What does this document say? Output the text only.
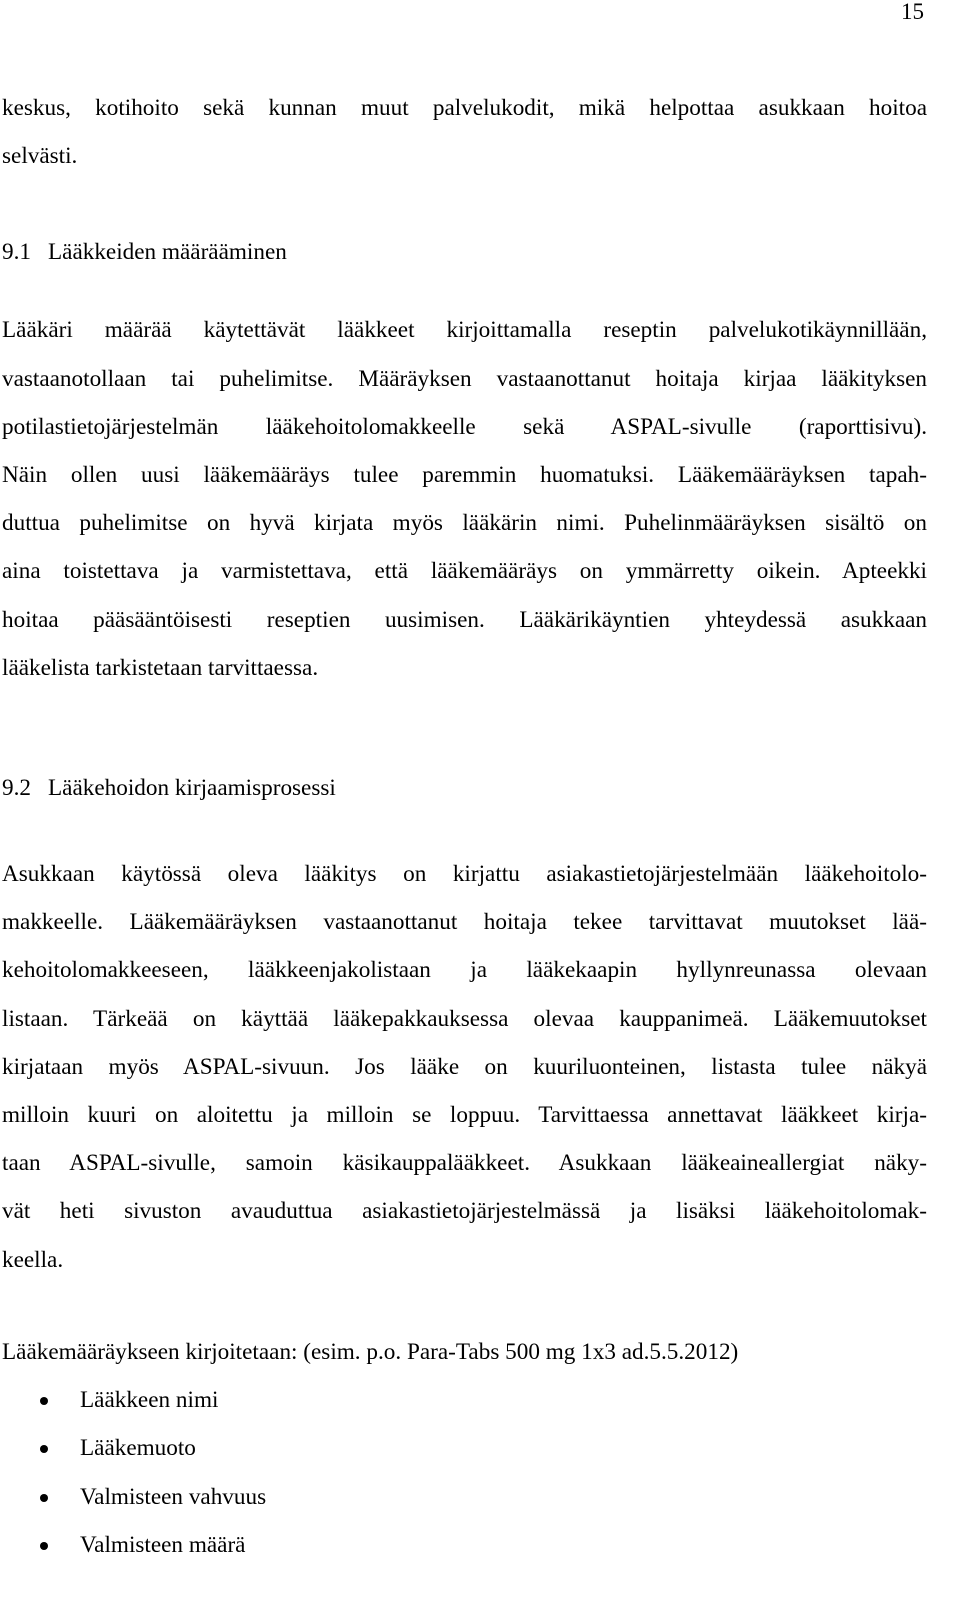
15

keskus, kotihoito sekä kunnan muut palvelukodit, mikä helpottaa asukkaan hoitoa
selvästi.

9.1 Lääkkeiden määrääminen

Lääkäri määrää käytettävät lääkkeet kirjoittamalla reseptin palvelukotikäynnillään,
vastaanotollaan tai puhelimitse. Määräyksen vastaanottanut hoitaja kirjaa lääkityksen
potilastietojärjestelmän lääkehoitolomakkeelle sekä ASPAL-sivulle (raporttisivu).
Näin ollen uusi lääkemääräys tulee paremmin huomatuksi. Lääkemääräyksen tapah-
duttua puhelimitse on hyvä kirjata myös lääkärin nimi. Puhelinmääräyksen sisältö on
aina toistettava ja varmistettava, että lääkemääräys on ymmärretty oikein. Apteekki
hoitaa pääsääntöisesti reseptien uusimisen. Lääkärikäyntien yhteydessä asukkaan
lääkelista tarkistetaan tarvittaessa.

9.2 Lääkehoidon kirjaamisprosessi

Asukkaan käytössä oleva lääkitys on kirjattu asiakastietojärjestelmään lääkehoitolo-
makkeelle. Lääkemääräyksen vastaanottanut hoitaja tekee tarvittavat muutokset lää-
kehoitolomakkeeseen, lääkkeenjakolistaan ja lääkekaapin hyllynreunassa olevaan
listaan. Tärkeää on käyttää lääkepakkauksessa olevaa kauppanimeä. Lääkemuutokset
kirjataan myös ASPAL-sivuun. Jos lääke on kuuriluonteinen, listasta tulee näkyä
milloin kuuri on aloitettu ja milloin se loppuu. Tarvittaessa annettavat lääkkeet kirja-
taan ASPAL-sivulle, samoin käsikauppalääkkeet. Asukkaan lääkeaineallergiat näky-
vät heti sivuston avauduttua asiakastietojärjestelmässä ja lisäksi lääkehoitolomak-
keella.

Lääkemääräykseen kirjoitetaan: (esim. p.o. Para-Tabs 500 mg 1x3 ad.5.5.2012)

Lääkkeen nimi
Lääkemuoto
Valmisteen vahvuus
Valmisteen määrä
